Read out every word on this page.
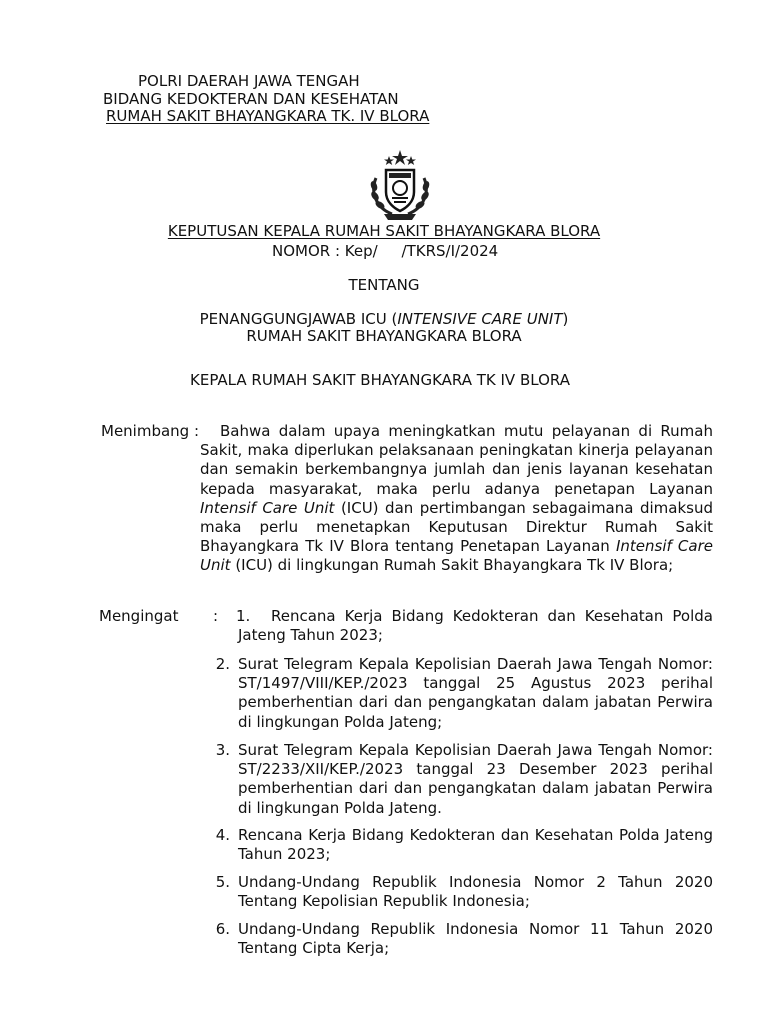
POLRI DAERAH JAWA TENGAH
BIDANG KEDOKTERAN DAN KESEHATAN
RUMAH SAKIT BHAYANGKARA TK. IV BLORA
KEPUTUSAN KEPALA RUMAH SAKIT BHAYANGKARA BLORA
NOMOR : Kep/     /TKRS/I/2024
TENTANG
PENANGGUNGJAWAB ICU (INTENSIVE CARE UNIT)
RUMAH SAKIT BHAYANGKARA BLORA
KEPALA RUMAH SAKIT BHAYANGKARA TK IV BLORA
Menimbang :	Bahwa dalam upaya meningkatkan mutu pelayanan di Rumah Sakit, maka diperlukan pelaksanaan peningkatan kinerja pelayanan dan semakin berkembangnya jumlah dan jenis layanan kesehatan kepada masyarakat, maka perlu adanya penetapan Layanan Intensif Care Unit (ICU) dan pertimbangan sebagaimana dimaksud maka perlu menetapkan Keputusan Direktur Rumah Sakit Bhayangkara Tk IV Blora tentang Penetapan Layanan Intensif Care Unit (ICU) di lingkungan Rumah Sakit Bhayangkara Tk IV Blora;
Mengingat : 1.	Rencana Kerja Bidang Kedokteran dan Kesehatan Polda Jateng Tahun 2023;
2. Surat Telegram Kepala Kepolisian Daerah Jawa Tengah Nomor: ST/1497/VIII/KEP./2023 tanggal 25 Agustus 2023 perihal pemberhentian dari dan pengangkatan dalam jabatan Perwira di lingkungan Polda Jateng;
3. Surat Telegram Kepala Kepolisian Daerah Jawa Tengah Nomor: ST/2233/XII/KEP./2023 tanggal 23 Desember 2023 perihal pemberhentian dari dan pengangkatan dalam jabatan Perwira di lingkungan Polda Jateng.
4. Rencana Kerja Bidang Kedokteran dan Kesehatan Polda Jateng Tahun 2023;
5. Undang-Undang Republik Indonesia Nomor 2 Tahun 2020 Tentang Kepolisian Republik Indonesia;
6. Undang-Undang Republik Indonesia Nomor 11 Tahun 2020 Tentang Cipta Kerja;
